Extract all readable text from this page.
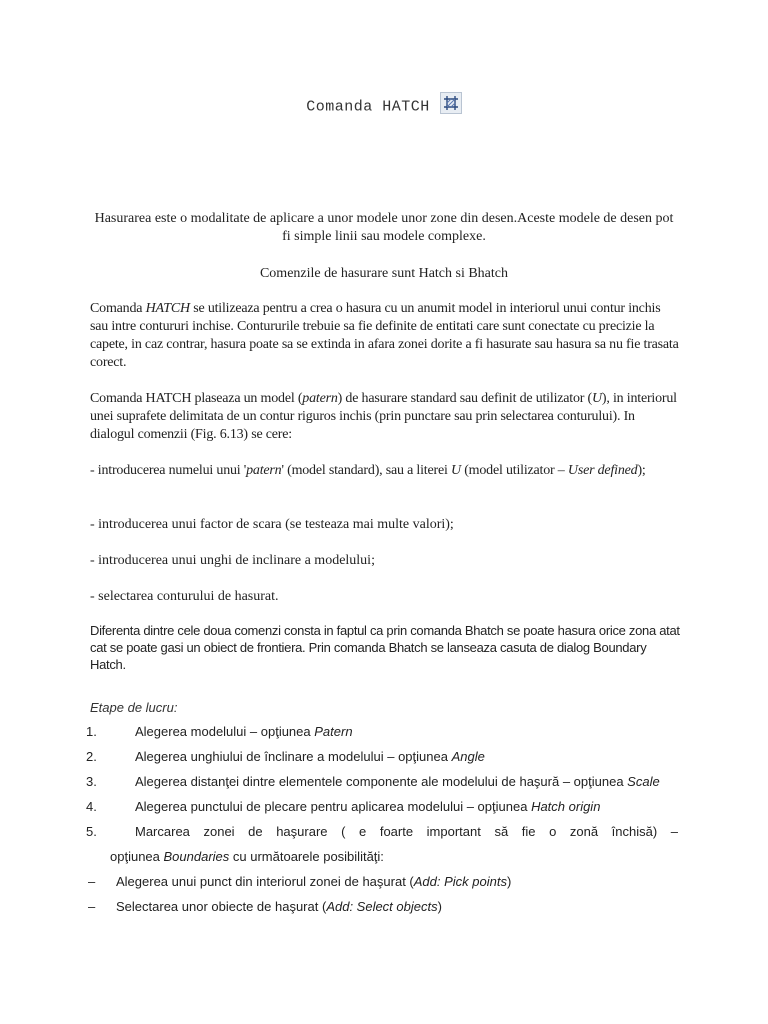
Comanda HATCH
Hasurarea este o modalitate de aplicare a unor modele unor zone din desen.Aceste modele de desen pot fi simple linii sau modele complexe.
Comenzile de hasurare sunt Hatch si Bhatch
Comanda HATCH se utilizeaza pentru a crea o hasura cu un anumit model in interiorul unui contur inchis sau intre contururi inchise. Contururile trebuie sa fie definite de entitati care sunt conectate cu precizie la capete, in caz contrar, hasura poate sa se extinda in afara zonei dorite a fi hasurate sau hasura sa nu fie trasata corect.
Comanda HATCH plaseaza un model (patern) de hasurare standard sau definit de utilizator (U), in interiorul unei suprafete delimitata de un contur riguros inchis (prin punctare sau prin selectarea conturului). In dialogul comenzii (Fig. 6.13) se cere:
- introducerea numelui unui 'patern' (model standard), sau a literei U (model utilizator – User defined);
- introducerea unui factor de scara (se testeaza mai multe valori);
- introducerea unui unghi de inclinare a modelului;
- selectarea conturului de hasurat.
Diferenta dintre cele doua comenzi consta in faptul ca prin comanda Bhatch se poate hasura orice zona atat cat se poate gasi un obiect de frontiera. Prin comanda Bhatch se lanseaza casuta de dialog Boundary Hatch.
Etape de lucru:
1.	Alegerea modelului – opţiunea Patern
2.	Alegerea unghiului de înclinare a modelului – opţiunea Angle
3.	Alegerea distanţei dintre elementele componente ale modelului de haşură – opţiunea Scale
4.	Alegerea punctului de plecare pentru aplicarea modelului – opţiunea Hatch origin
5.	Marcarea zonei de haşurare ( e foarte important să fie o zonă închisă) –
opţiunea Boundaries cu următoarele posibilităţi:
– Alegerea unui punct din interiorul zonei de haşurat (Add: Pick points)
– Selectarea unor obiecte de haşurat (Add: Select objects)
